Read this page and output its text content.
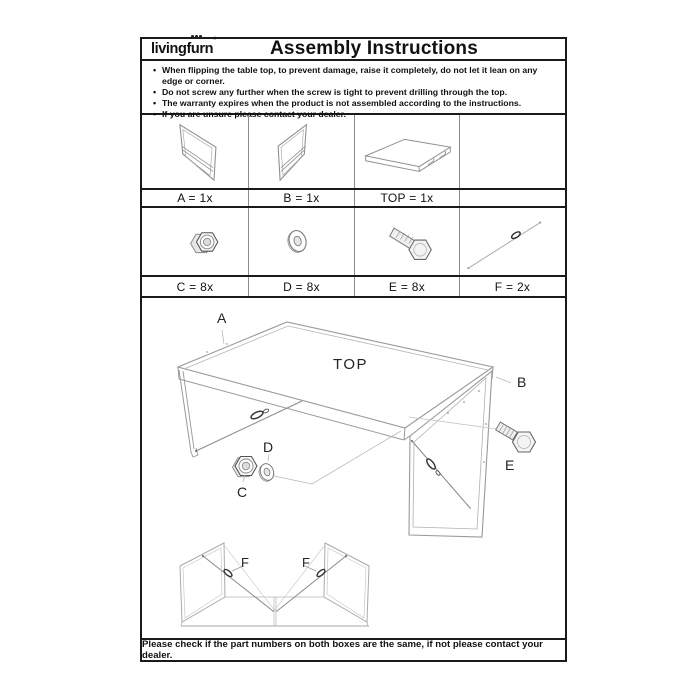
livingfurn®	Assembly Instructions
• When flipping the table top, to prevent damage, raise it completely, do not let it lean on any edge or corner.
• Do not screw any further when the screw is tight to prevent drilling through the top.
• The warranty expires when the product is not assembled according to the instructions.
• If you are unsure please contact your dealer.
A = 1x	B = 1x	TOP = 1x
C = 8x	D = 8x	E = 8x	F = 2x
A
B
TOP
C
D
E
F	F
Please check if the part numbers on both boxes are the same, if not please contact your dealer.
